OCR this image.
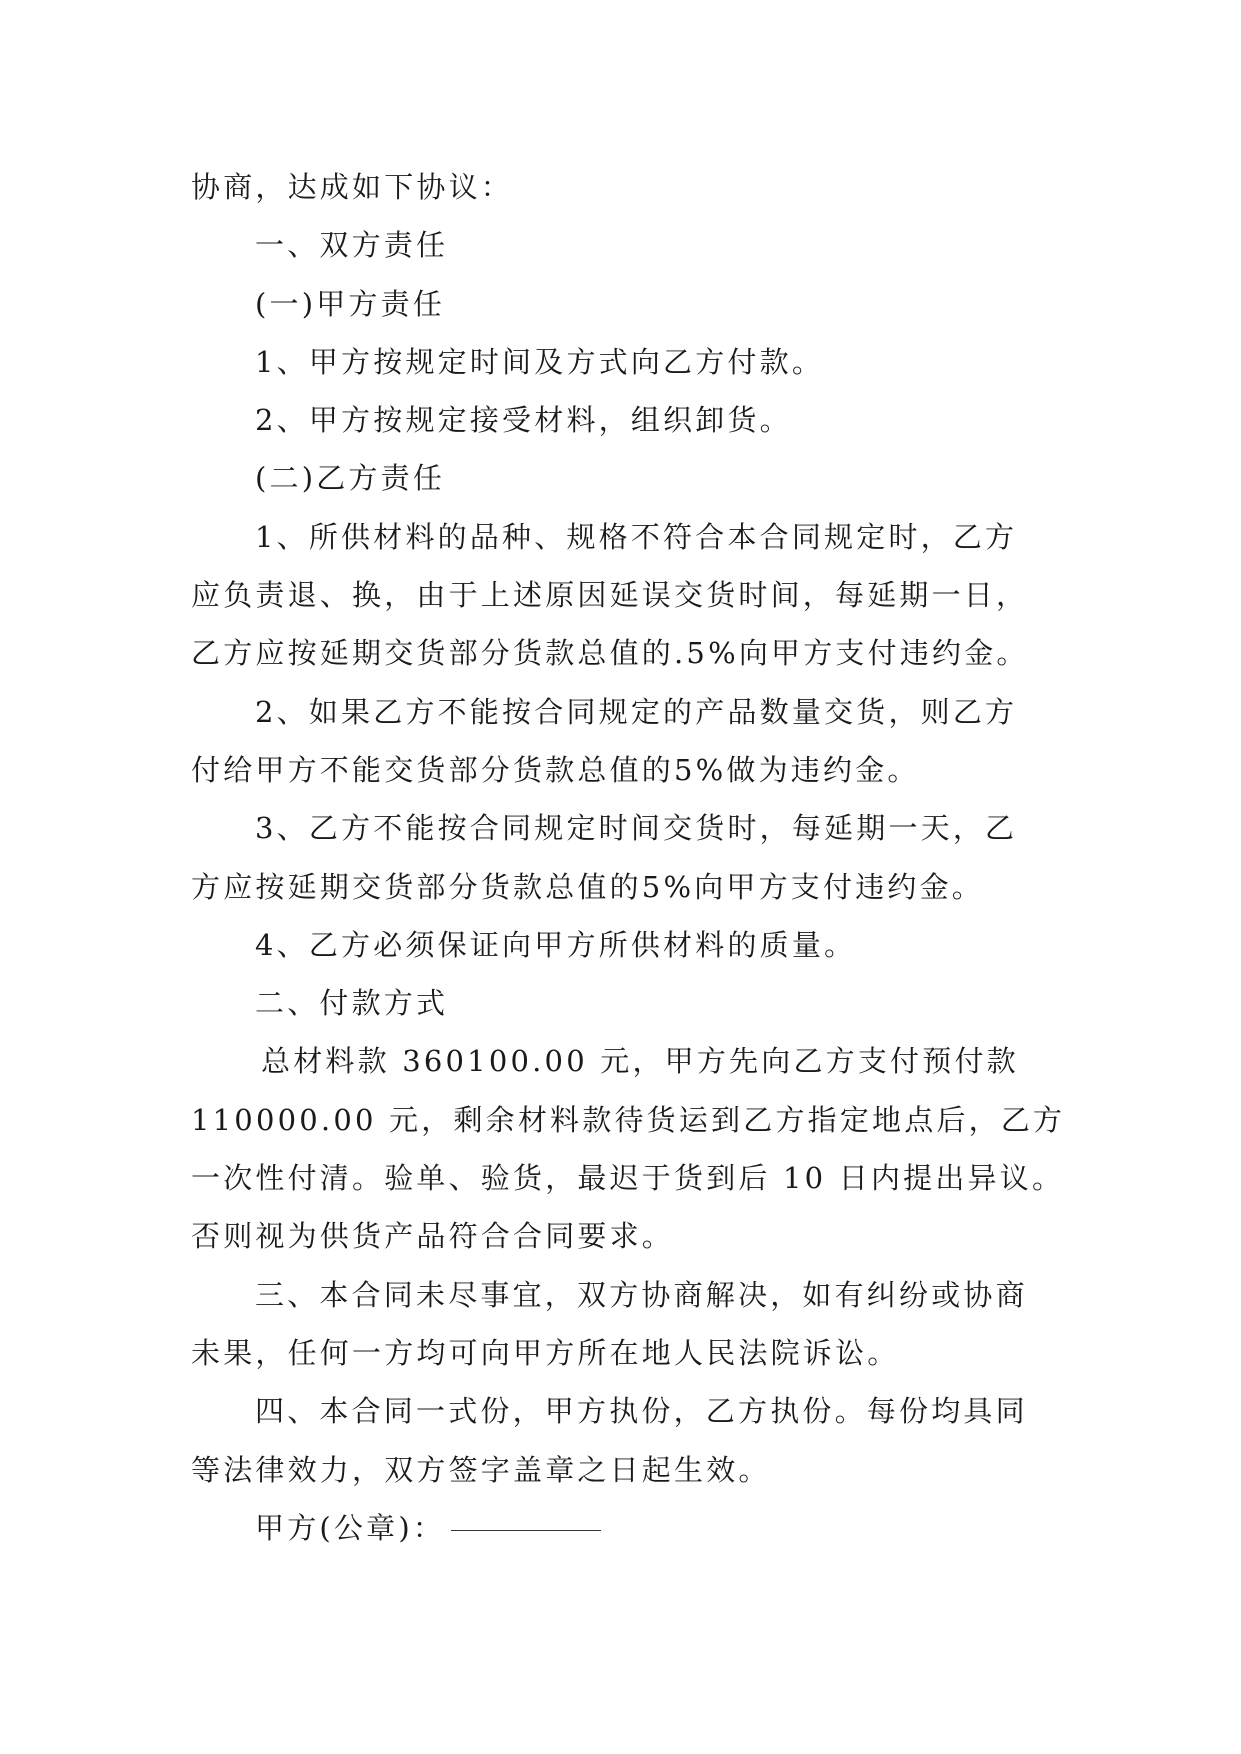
协商，达成如下协议：
一、双方责任
(一)甲方责任
1、甲方按规定时间及方式向乙方付款。
2、甲方按规定接受材料，组织卸货。
(二)乙方责任
1、所供材料的品种、规格不符合本合同规定时，乙方
应负责退、换，由于上述原因延误交货时间，每延期一日，
乙方应按延期交货部分货款总值的.5%向甲方支付违约金。
2、如果乙方不能按合同规定的产品数量交货，则乙方
付给甲方不能交货部分货款总值的5%做为违约金。
3、乙方不能按合同规定时间交货时，每延期一天，乙
方应按延期交货部分货款总值的5%向甲方支付违约金。
4、乙方必须保证向甲方所供材料的质量。
二、付款方式
总材料款 360100.00 元，甲方先向乙方支付预付款
110000.00 元，剩余材料款待货运到乙方指定地点后，乙方
一次性付清。验单、验货，最迟于货到后 10 日内提出异议。
否则视为供货产品符合合同要求。
三、本合同未尽事宜，双方协商解决，如有纠纷或协商
未果，任何一方均可向甲方所在地人民法院诉讼。
四、本合同一式份，甲方执份，乙方执份。每份均具同
等法律效力，双方签字盖章之日起生效。
甲方(公章)：
